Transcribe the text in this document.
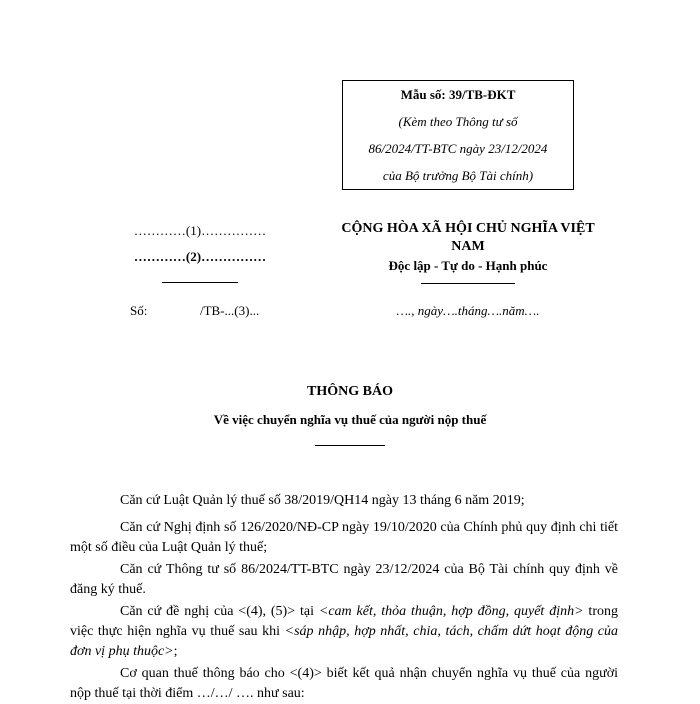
Mẫu số: 39/TB-ĐKT
(Kèm theo Thông tư số
86/2024/TT-BTC ngày 23/12/2024
của Bộ trưởng Bộ Tài chính)
…………(1)……………
…………(2)……………
Số:	/TB-...(3)...
CỘNG HÒA XÃ HỘI CHỦ NGHĨA VIỆT
NAM
Độc lập - Tự do - Hạnh phúc
…., ngày….tháng….năm….
THÔNG BÁO
Về việc chuyển nghĩa vụ thuế của người nộp thuế
Căn cứ Luật Quản lý thuế số 38/2019/QH14 ngày 13 tháng 6 năm 2019;
Căn cứ Nghị định số 126/2020/NĐ-CP ngày 19/10/2020 của Chính phủ quy định chi tiết một số điều của Luật Quản lý thuế;
Căn cứ Thông tư số 86/2024/TT-BTC ngày 23/12/2024 của Bộ Tài chính quy định về đăng ký thuế.
Căn cứ đề nghị của <(4), (5)> tại <cam kết, thỏa thuận, hợp đồng, quyết định> trong việc thực hiện nghĩa vụ thuế sau khi <sáp nhập, hợp nhất, chia, tách, chấm dứt hoạt động của đơn vị phụ thuộc>;
Cơ quan thuế thông báo cho <(4)> biết kết quả nhận chuyển nghĩa vụ thuế của người nộp thuế tại thời điểm …/…/ …. như sau:
